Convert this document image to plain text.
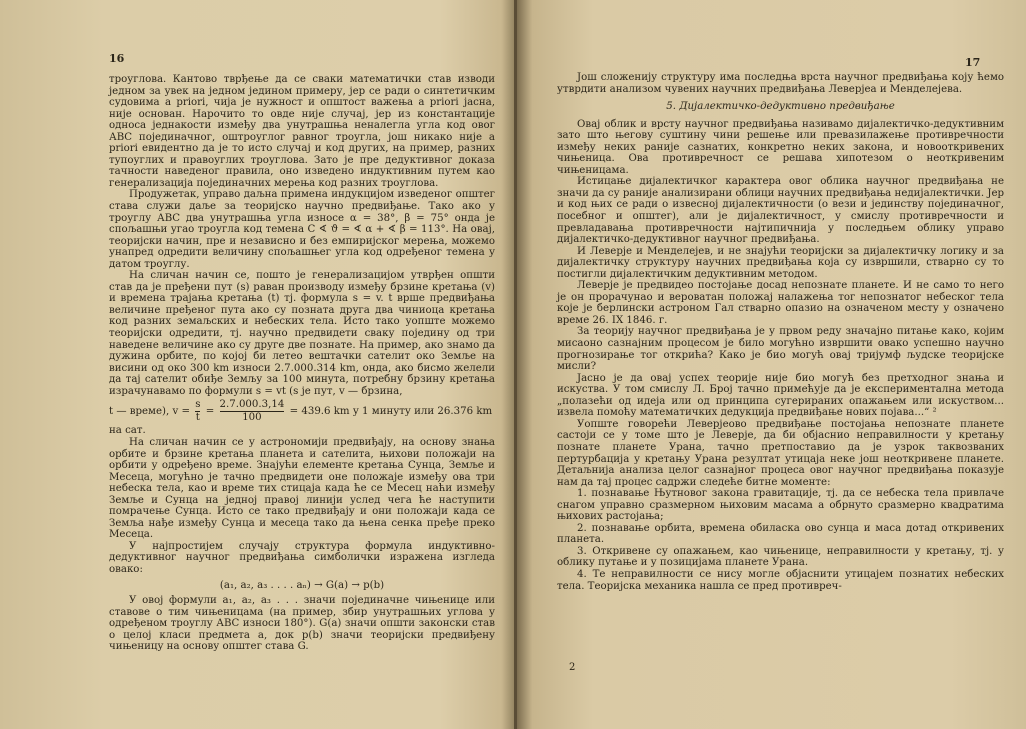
16

троуглова. Кантово тврђење да се сваки математички став изводи једном за увек на једном једином примеру, јер се ради о синтетичким судовима a priori, чија је нужност и општост важења a priori јасна, није основан. Нарочито то овде није случај, јер из константације односа једнакости између два унутрашња неналегла угла код овог АВС појединачног, оштроуглог равног троугла, још никако није a priori евидентно да је то исто случај и код других, на пример, разних тупоуглих и правоуглих троуглова. Зато је пре дедуктивног доказа тачности наведеног правила, оно изведено индуктивним путем као генерализација појединачних мерења код разних троуглова.

Продужетак, управо даљна примена индукцијом изведеног општег става служи даље за теоријско научно предвиђање. Тако ако у троуглу АВС два унутрашња угла износе α = 38°, β = 75° онда је спољашњи угао троугла код темена C ∢ ϑ = ∢ α + ∢ β = 113°. На овај, теоријски начин, пре и независно и без емпиријског мерења, можемо унапред одредити величину спољашњег угла код одређеног темена у датом троуглу.

На сличан начин се, пошто је генерализацијом утврђен општи став да је пређени пут (s) раван производу између брзине кретања (v) и времена трајања кретања (t) тј. формула s = v. t врше предвиђања величине пређеног пута ако су позната друга два чиниоца кретања код разних земаљских и небеских тела. Исто тако уопште можемо теоријски одредити, тј. научно предвидети сваку поједину од три наведене величине ако су друге две познате. На пример, ако знамо да дужина орбите, по којој би летео вештачки сателит око Земље на висини од око 300 km износи 2.7.000.314 km, онда, ако бисмо желели да тај сателит обиђе Земљу за 100 минута, потребну брзину кретања израчунавамо по формули s = vt (s је пут, v — брзина,

t — време), $v = \frac{s}{t} = \frac{2.7.000.3,14}{100} = 439.6$ km у 1 минуту или 26.376 km

на сат.

На сличан начин се у астрономији предвиђају, на основу знања орбите и брзине кретања планета и сателита, њихови положаји на орбити у одређено време. Знајући елементе кретања Сунца, Земље и Месеца, могућно је тачно предвидети оне положаје између ова три небеска тела, као и време тих стицаја када ће се Месец наћи између Земље и Сунца на једној правој линији услед чега ће наступити помрачење Сунца. Исто се тако предвиђају и они положаји када се Земља нађе између Сунца и месеца тако да њена сенка пређе преко Месеца.

У најпростијем случају структура формула индуктивно-дедуктивног научног предвиђања симболички изражена изгледа овако:

(a₁, a₂, a₃ . . . . aₙ) → G(a) → p(b)

У овој формули a₁, a₂, a₃ . . . значи појединачне чињенице или ставове о тим чињеницама (на пример, збир унутрашњих углова у одређеном троуглу АВС износи 180°). G(a) значи општи законски став о целој класи предмета a, док p(b) значи теоријски предвиђену чињеницу на основу општег става G.

17

Још сложенију структуру има последња врста научног предвиђања коју ћемо утврдити анализом чувених научних предвиђања Леверјеа и Менделејева.

5. Дијалектичко-дедуктивно предвиђање

Овај облик и врсту научног предвиђања називамо дијалектичко-дедуктивним зато што његову суштину чини решење или превазилажење противречности између неких раније сазнатих, конкретно неких закона, и новооткривених чињеница. Ова противречност се решава хипотезом о неоткривеним чињеницама.

Истицање дијалектичког карактера овог облика научног предвиђања не значи да су раније анализирани облици научних предвиђања недијалектички. Јер и код њих се ради о извесној дијалектичности (о вези и јединству појединачног, посебног и општег), али је дијалектичност, у смислу противречности и превладавања противречности најтипичнија у последњем облику управо дијалектичко-дедуктивног научног предвиђања.

И Леверје и Менделејев, и не знајући теоријски за дијалектичку логику и за дијалектичку структуру научних предвиђања која су извршили, стварно су то постигли дијалектичким дедуктивним методом.

Леверје је предвидео постојање досад непознате планете. И не само то него је он прорачунао и вероватан положај налажења тог непознатог небеског тела које је берлински астроном Гал стварно опазио на означеном месту у означено време 26. IX 1846. г.

За теорију научног предвиђања је у првом реду значајно питање како, којим мисаоно сазнајним процесом је било могућно извршити овако успешно научно прогнозирање тог открића? Како је био могућ овај тријумф људске теоријске мисли?

Јасно је да овај успех теорије није био могућ без претходног знања и искуства. У том смислу Л. Број тачно примећује да је експериментална метода „полазећи од идеја или од принципа сугерираних опажањем или искуством... извела помоћу математичких дедукција предвиђање нових појава...“ ²

Уопште говорећи Леверјеово предвиђање постојања непознате планете састоји се у томе што је Леверје, да би објаснио неправилности у кретању познате планете Урана, тачно претпоставио да је узрок таквозваних пертурбација у кретању Урана резултат утицаја неке још неоткривене планете. Детаљнија анализа целог сазнајног процеса овог научног предвиђања показује нам да тај процес садржи следеће битне моменте:

1. познавање Њутновог закона гравитације, тј. да се небеска тела привлаче снагом управно сразмерном њиховим масама а обрнуто сразмерно квадратима њихових растојања;

2. познавање орбита, времена обиласка ово сунца и маса дотад откривених планета.

3. Откривене су опажањем, као чињенице, неправилности у кретању, тј. у облику путање и у позицијама планете Урана.

4. Те неправилности се нису могле објаснити утицајем познатих небеских тела. Теоријска механика нашла се пред противреч-

2
